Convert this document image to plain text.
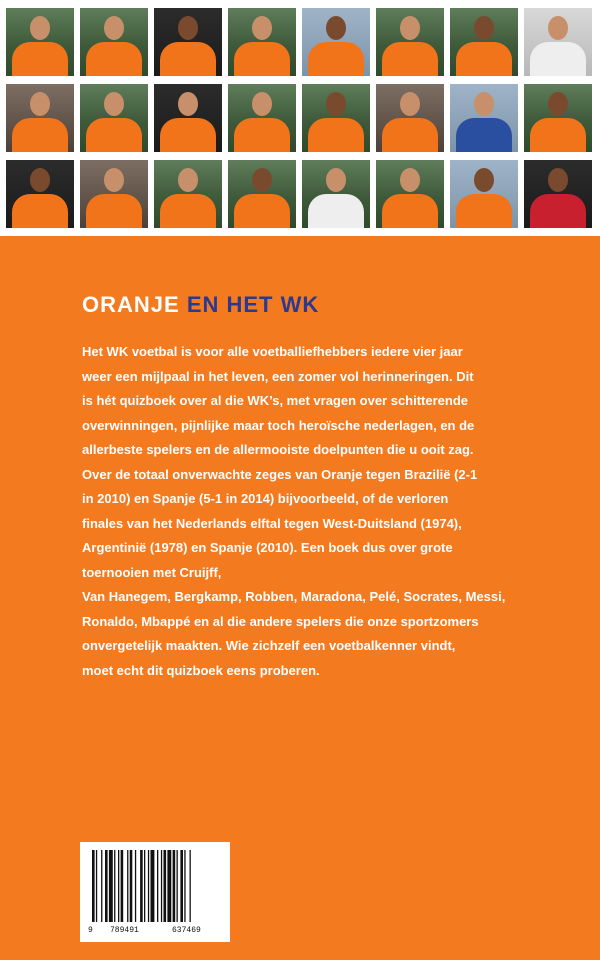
ORANJE EN HET WK

Het WK voetbal is voor alle voetballiefhebbers iedere vier jaar
weer een mijlpaal in het leven, een zomer vol herinneringen. Dit
is hét quizboek over al die WK’s, met vragen over schitterende
overwinningen, pijnlijke maar toch heroïsche nederlagen, en de
allerbeste spelers en de allermooiste doelpunten die u ooit zag.
Over de totaal onverwachte zeges van Oranje tegen Brazilië (2-1
in 2010) en Spanje (5-1 in 2014) bijvoorbeeld, of de verloren
finales van het Nederlands elftal tegen West-Duitsland (1974),
Argentinië (1978) en Spanje (2010). Een boek dus over grote
toernooien met Cruijff,
Van Hanegem, Bergkamp, Robben, Maradona, Pelé, Socrates, Messi,
Ronaldo, Mbappé en al die andere spelers die onze sportzomers
onvergetelijk maakten. Wie zichzelf een voetbalkenner vindt,
moet echt dit quizboek eens proberen.

9 789491	637469
